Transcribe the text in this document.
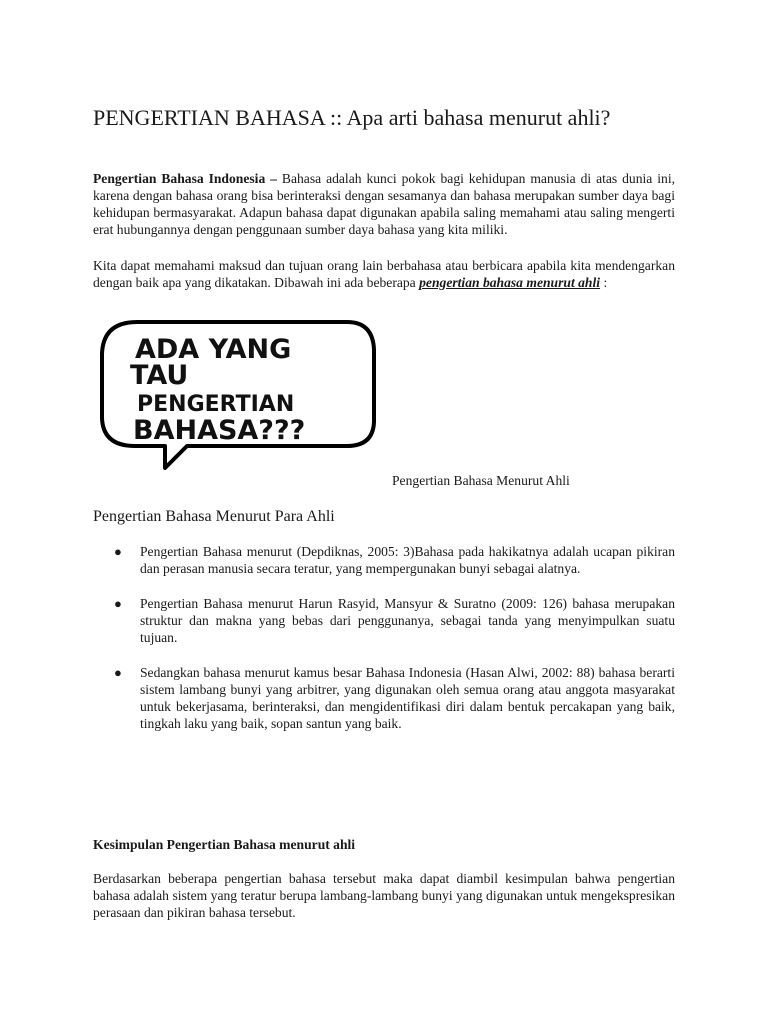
PENGERTIAN BAHASA :: Apa arti bahasa menurut ahli?

Pengertian Bahasa Indonesia – Bahasa adalah kunci pokok bagi kehidupan manusia di atas dunia ini, karena dengan bahasa orang bisa berinteraksi dengan sesamanya dan bahasa merupakan sumber daya bagi kehidupan bermasyarakat. Adapun bahasa dapat digunakan apabila saling memahami atau saling mengerti erat hubungannya dengan penggunaan sumber daya bahasa yang kita miliki.

Kita dapat memahami maksud dan tujuan orang lain berbahasa atau berbicara apabila kita mendengarkan dengan baik apa yang dikatakan. Dibawah ini ada beberapa pengertian bahasa menurut ahli :

ADA YANG
TAU
PENGERTIAN
BAHASA???
Pengertian Bahasa Menurut Ahli
Pengertian Bahasa Menurut Para Ahli
● Pengertian Bahasa menurut (Depdiknas, 2005: 3)Bahasa pada hakikatnya adalah ucapan pikiran dan perasan manusia secara teratur, yang mempergunakan bunyi sebagai alatnya.
● Pengertian Bahasa menurut Harun Rasyid, Mansyur & Suratno (2009: 126) bahasa merupakan struktur dan makna yang bebas dari penggunanya, sebagai tanda yang menyimpulkan suatu tujuan.
● Sedangkan bahasa menurut kamus besar Bahasa Indonesia (Hasan Alwi, 2002: 88) bahasa berarti sistem lambang bunyi yang arbitrer, yang digunakan oleh semua orang atau anggota masyarakat untuk bekerjasama, berinteraksi, dan mengidentifikasi diri dalam bentuk percakapan yang baik, tingkah laku yang baik, sopan santun yang baik.
Kesimpulan Pengertian Bahasa menurut ahli

Berdasarkan beberapa pengertian bahasa tersebut maka dapat diambil kesimpulan bahwa pengertian bahasa adalah sistem yang teratur berupa lambang-lambang bunyi yang digunakan untuk mengekspresikan perasaan dan pikiran bahasa tersebut.
